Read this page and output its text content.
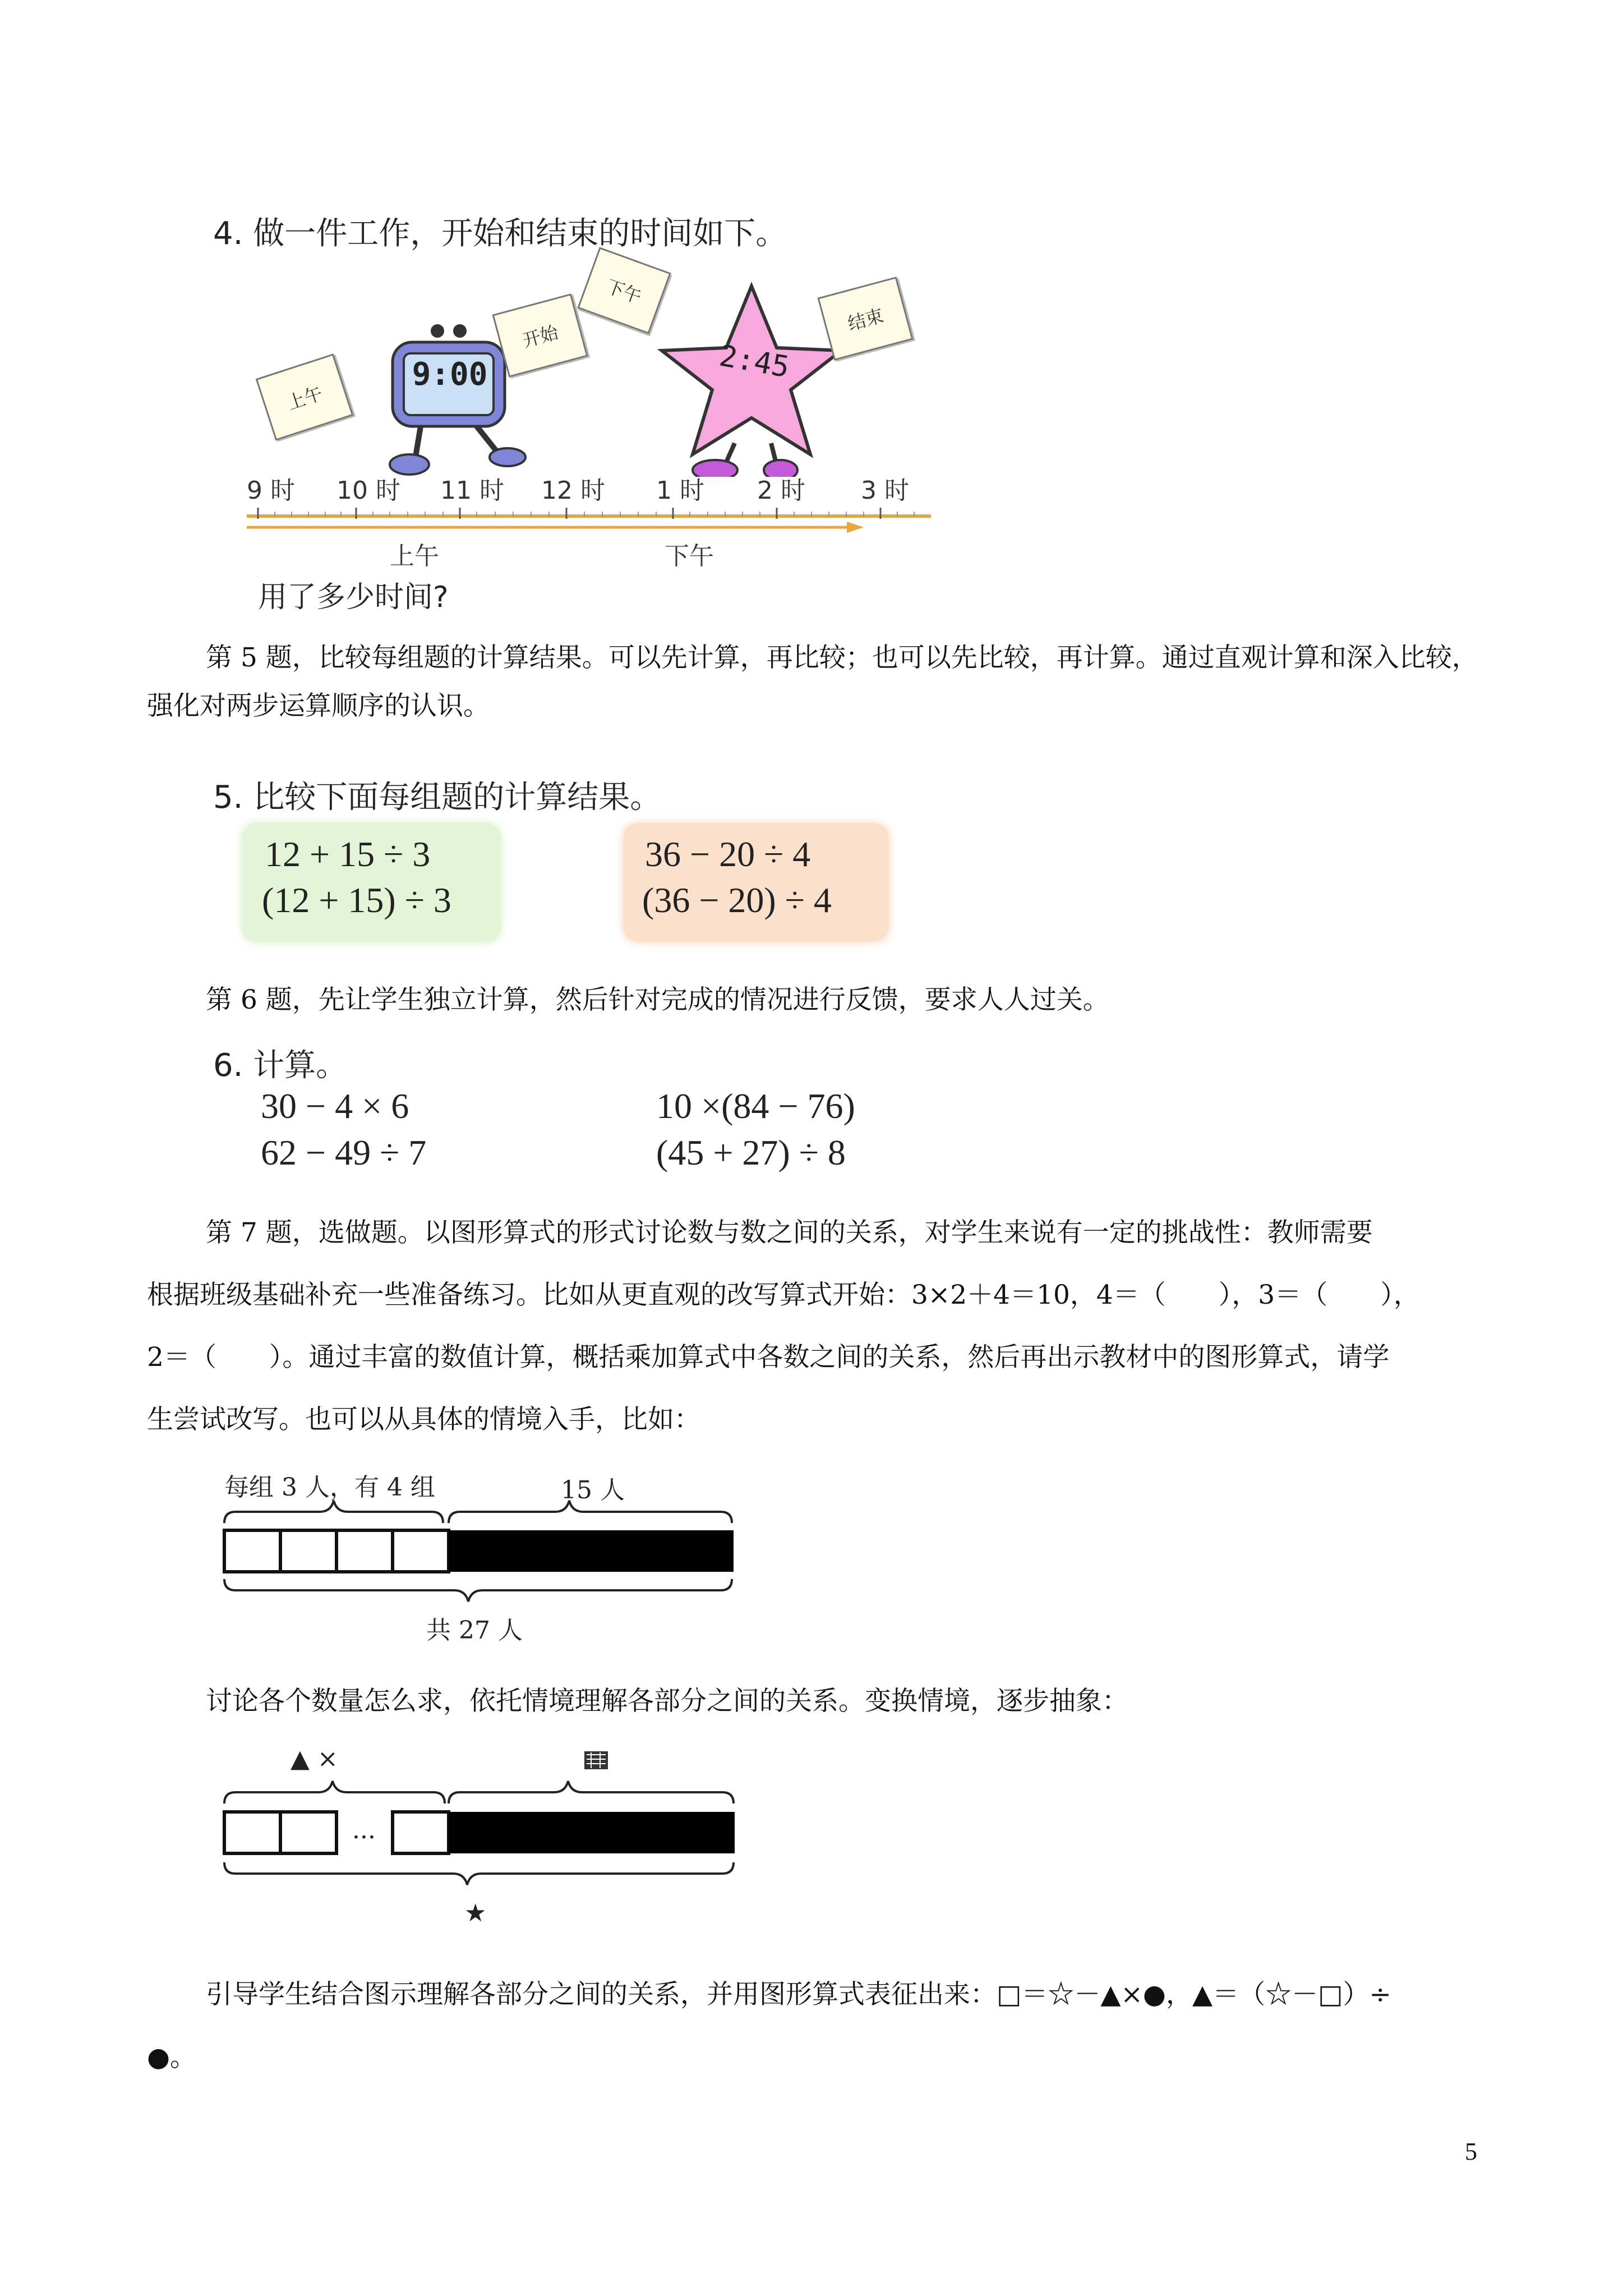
4. 做一件工作，开始和结束的时间如下。
9:00
上午
开始
2:45
下午
结束
9 时 10 时 11 时 12 时 1 时 2 时 3 时
上午	下午
用了多少时间?
第 5 题，比较每组题的计算结果。可以先计算，再比较；也可以先比较，再计算。通过直观计算和深入比较，强化对两步运算顺序的认识。
5. 比较下面每组题的计算结果。
12 + 15 ÷ 3
(12 + 15) ÷ 3
36 − 20 ÷ 4
(36 − 20) ÷ 4
第 6 题，先让学生独立计算，然后针对完成的情况进行反馈，要求人人过关。
6. 计算。
30 − 4 × 6
62 − 49 ÷ 7
10 ×(84 − 76)
(45 + 27) ÷ 8
第 7 题，选做题。以图形算式的形式讨论数与数之间的关系，对学生来说有一定的挑战性：教师需要
根据班级基础补充一些准备练习。比如从更直观的改写算式开始：3×2＋4＝10，4＝（　　），3＝（　　），
2＝（　　）。通过丰富的数值计算，概括乘加算式中各数之间的关系，然后再出示教材中的图形算式，请学
生尝试改写。也可以从具体的情境入手，比如：
每组 3 人，有 4 组	15 人
共 27 人
讨论各个数量怎么求，依托情境理解各部分之间的关系。变换情境，逐步抽象：
▲ ×
···
★
引导学生结合图示理解各部分之间的关系，并用图形算式表征出来：□＝☆－▲×●，▲＝（☆－□）÷
●。
5
